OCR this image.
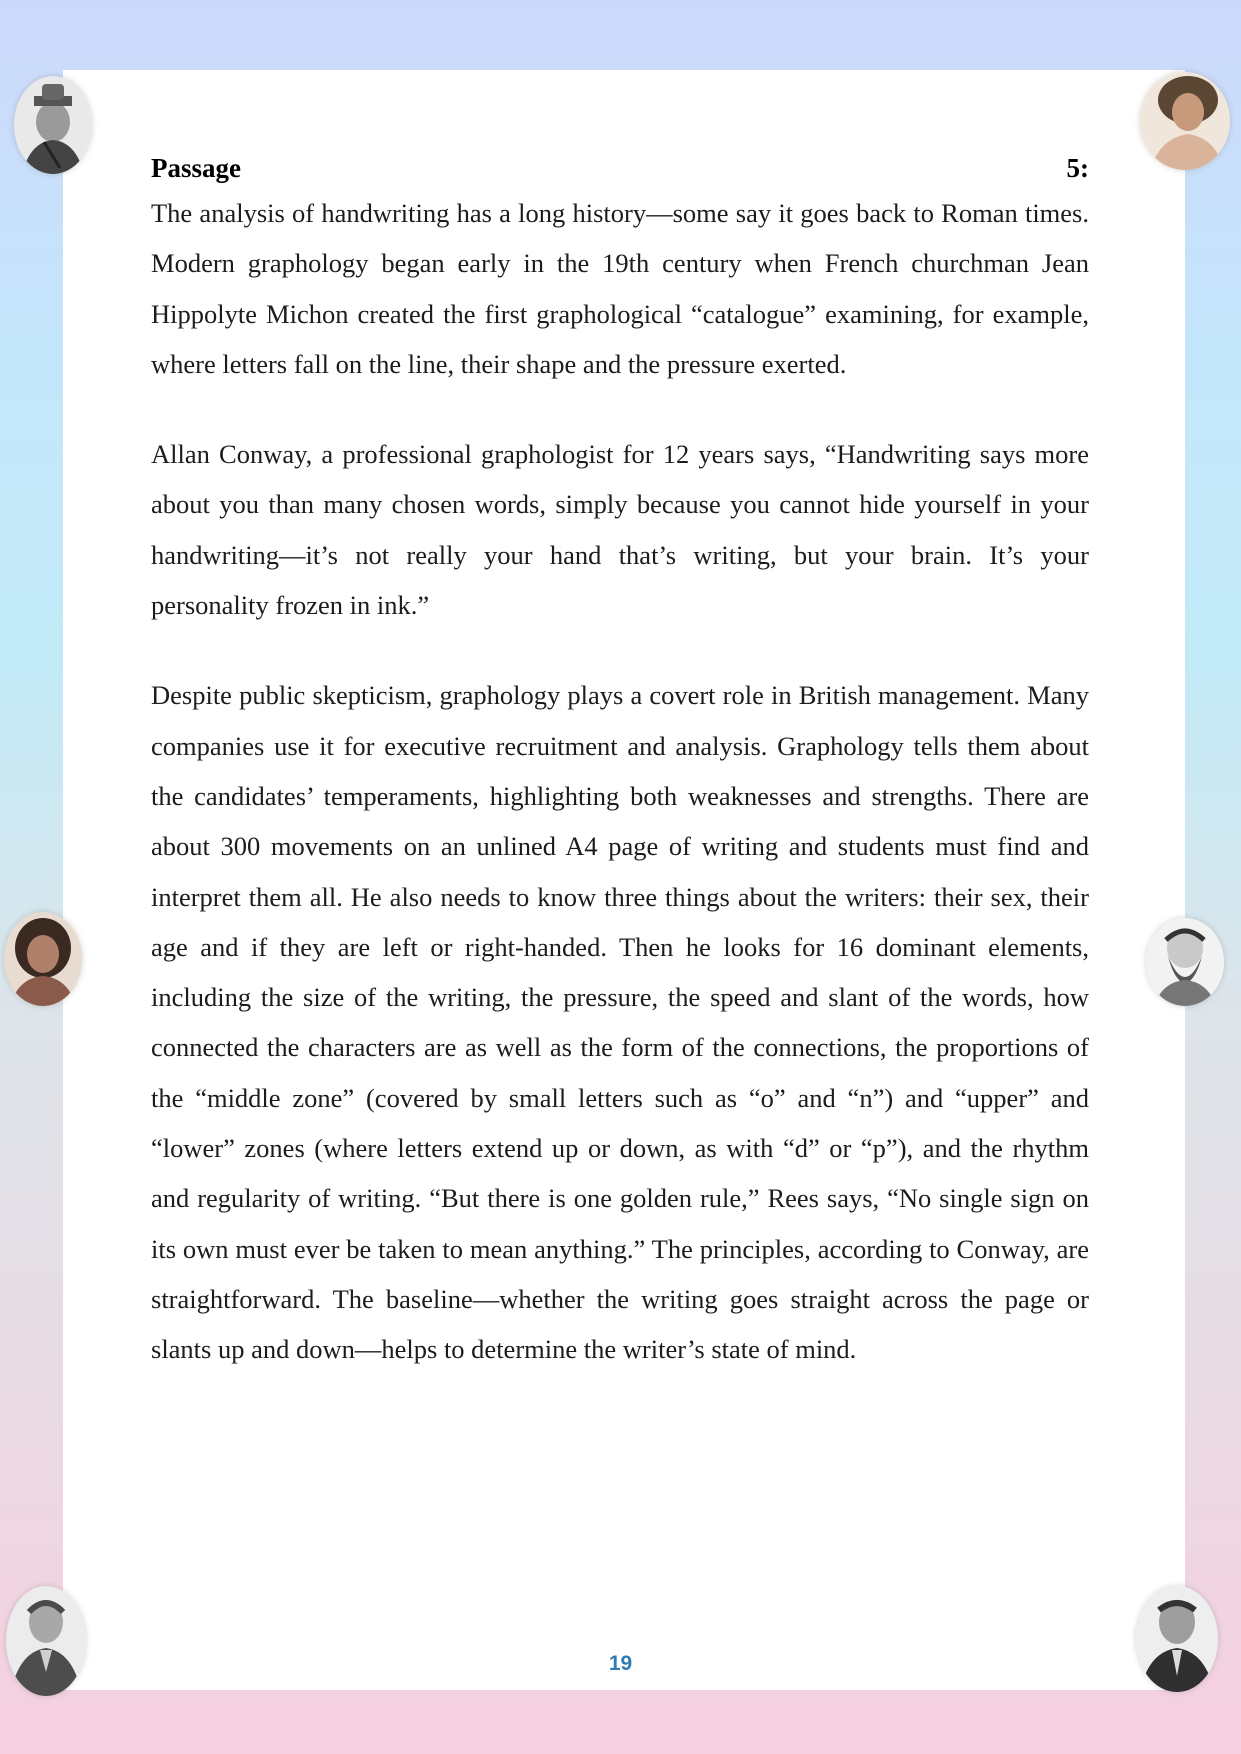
Passage	5:

The analysis of handwriting has a long history—some say it goes back to Roman times. Modern graphology began early in the 19th century when French churchman Jean Hippolyte Michon created the first graphological “catalogue” examining, for example, where letters fall on the line, their shape and the pressure exerted.

Allan Conway, a professional graphologist for 12 years says, “Handwriting says more about you than many chosen words, simply because you cannot hide yourself in your handwriting—it’s not really your hand that’s writing, but your brain. It’s your personality frozen in ink.”

Despite public skepticism, graphology plays a covert role in British management. Many companies use it for executive recruitment and analysis. Graphology tells them about the candidates’ temperaments, highlighting both weaknesses and strengths. There are about 300 movements on an unlined A4 page of writing and students must find and interpret them all. He also needs to know three things about the writers: their sex, their age and if they are left or right-handed. Then he looks for 16 dominant elements, including the size of the writing, the pressure, the speed and slant of the words, how connected the characters are as well as the form of the connections, the proportions of the “middle zone” (covered by small letters such as “o” and “n”) and “upper” and “lower” zones (where letters extend up or down, as with “d” or “p”), and the rhythm and regularity of writing. “But there is one golden rule,” Rees says, “No single sign on its own must ever be taken to mean anything.” The principles, according to Conway, are straightforward. The baseline—whether the writing goes straight across the page or slants up and down—helps to determine the writer’s state of mind.

19
